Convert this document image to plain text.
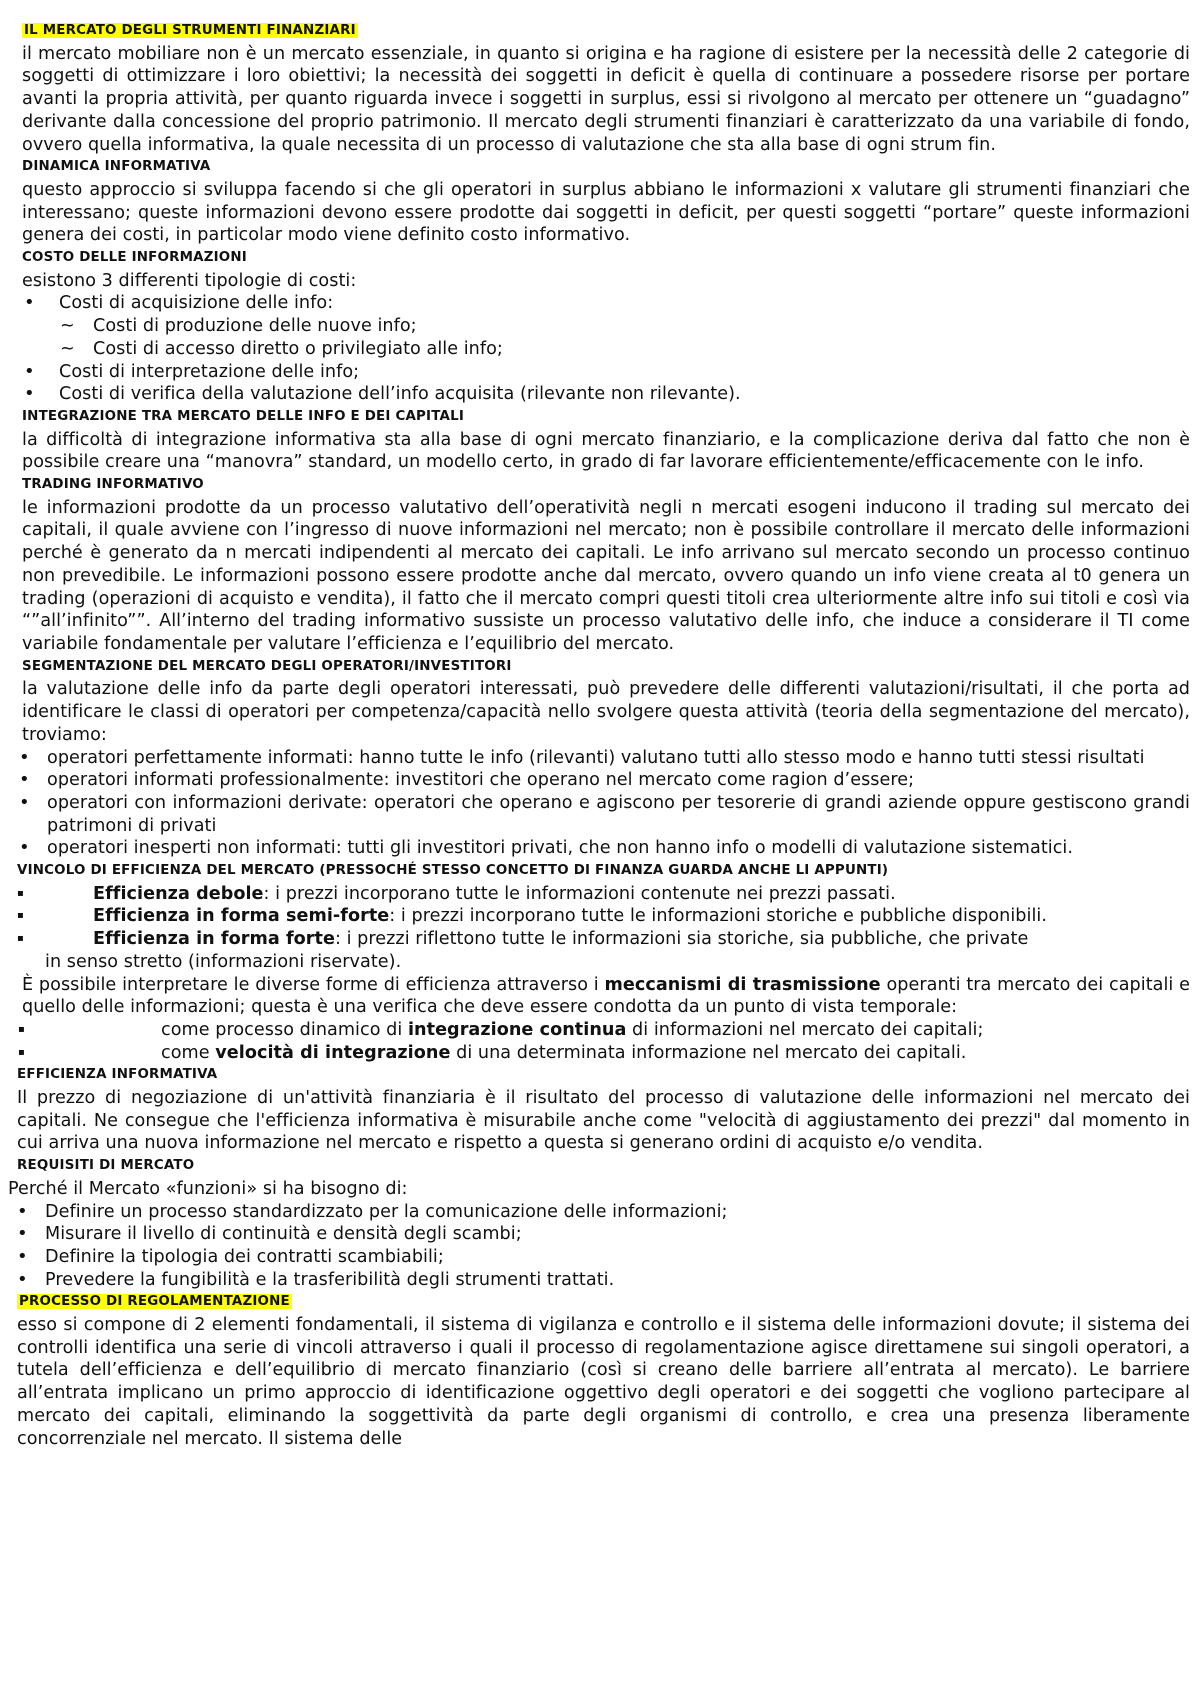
IL MERCATO DEGLI STRUMENTI FINANZIARI
il mercato mobiliare non è un mercato essenziale, in quanto si origina e ha ragione di esistere per la necessità delle 2 categorie di soggetti di ottimizzare i loro obiettivi; la necessità dei soggetti in deficit è quella di continuare a possedere risorse per portare avanti la propria attività, per quanto riguarda invece i soggetti in surplus, essi si rivolgono al mercato per ottenere un “guadagno” derivante dalla concessione del proprio patrimonio. Il mercato degli strumenti finanziari è caratterizzato da una variabile di fondo, ovvero quella informativa, la quale necessita di un processo di valutazione che sta alla base di ogni strum fin.
DINAMICA INFORMATIVA
questo approccio si sviluppa facendo si che gli operatori in surplus abbiano le informazioni x valutare gli strumenti finanziari che interessano; queste informazioni devono essere prodotte dai soggetti in deficit, per questi soggetti “portare” queste informazioni genera dei costi, in particolar modo viene definito costo informativo.
COSTO DELLE INFORMAZIONI
esistono 3 differenti tipologie di costi:
• Costi di acquisizione delle info:
~ Costi di produzione delle nuove info;
~ Costi di accesso diretto o privilegiato alle info;
• Costi di interpretazione delle info;
• Costi di verifica della valutazione dell’info acquisita (rilevante non rilevante).
INTEGRAZIONE TRA MERCATO DELLE INFO E DEI CAPITALI
la difficoltà di integrazione informativa sta alla base di ogni mercato finanziario, e la complicazione deriva dal fatto che non è possibile creare una “manovra” standard, un modello certo, in grado di far lavorare efficientemente/efficacemente con le info.
TRADING INFORMATIVO
le informazioni prodotte da un processo valutativo dell’operatività negli n mercati esogeni inducono il trading sul mercato dei capitali, il quale avviene con l’ingresso di nuove informazioni nel mercato; non è possibile controllare il mercato delle informazioni perché è generato da n mercati indipendenti al mercato dei capitali. Le info arrivano sul mercato secondo un processo continuo non prevedibile. Le informazioni possono essere prodotte anche dal mercato, ovvero quando un info viene creata al t0 genera un trading (operazioni di acquisto e vendita), il fatto che il mercato compri questi titoli crea ulteriormente altre info sui titoli e così via “”all’infinito””. All’interno del trading informativo sussiste un processo valutativo delle info, che induce a considerare il TI come variabile fondamentale per valutare l’efficienza e l’equilibrio del mercato.
SEGMENTAZIONE DEL MERCATO DEGLI OPERATORI/INVESTITORI
la valutazione delle info da parte degli operatori interessati, può prevedere delle differenti valutazioni/risultati, il che porta ad identificare le classi di operatori per competenza/capacità nello svolgere questa attività (teoria della segmentazione del mercato), troviamo:
• operatori perfettamente informati: hanno tutte le info (rilevanti) valutano tutti allo stesso modo e hanno tutti stessi risultati
• operatori informati professionalmente: investitori che operano nel mercato come ragion d’essere;
• operatori con informazioni derivate: operatori che operano e agiscono per tesorerie di grandi aziende oppure gestiscono grandi patrimoni di privati
• operatori inesperti non informati: tutti gli investitori privati, che non hanno info o modelli di valutazione sistematici.
VINCOLO DI EFFICIENZA DEL MERCATO (PRESSOCHÉ STESSO CONCETTO DI FINANZA GUARDA ANCHE LI APPUNTI)
▪ Efficienza debole: i prezzi incorporano tutte le informazioni contenute nei prezzi passati.
▪ Efficienza in forma semi-forte: i prezzi incorporano tutte le informazioni storiche e pubbliche disponibili.
▪ Efficienza in forma forte: i prezzi riflettono tutte le informazioni sia storiche, sia pubbliche, che private
in senso stretto (informazioni riservate).
È possibile interpretare le diverse forme di efficienza attraverso i meccanismi di trasmissione operanti tra mercato dei capitali e quello delle informazioni; questa è una verifica che deve essere condotta da un punto di vista temporale:
▪ come processo dinamico di integrazione continua di informazioni nel mercato dei capitali;
▪ come velocità di integrazione di una determinata informazione nel mercato dei capitali.
EFFICIENZA INFORMATIVA
Il prezzo di negoziazione di un'attività finanziaria è il risultato del processo di valutazione delle informazioni nel mercato dei capitali. Ne consegue che l'efficienza informativa è misurabile anche come "velocità di aggiustamento dei prezzi" dal momento in cui arriva una nuova informazione nel mercato e rispetto a questa si generano ordini di acquisto e/o vendita.
REQUISITI DI MERCATO
Perché il Mercato «funzioni» si ha bisogno di:
• Definire un processo standardizzato per la comunicazione delle informazioni;
• Misurare il livello di continuità e densità degli scambi;
• Definire la tipologia dei contratti scambiabili;
• Prevedere la fungibilità e la trasferibilità degli strumenti trattati.
PROCESSO DI REGOLAMENTAZIONE
esso si compone di 2 elementi fondamentali, il sistema di vigilanza e controllo e il sistema delle informazioni dovute; il sistema dei controlli identifica una serie di vincoli attraverso i quali il processo di regolamentazione agisce direttamene sui singoli operatori, a tutela dell’efficienza e dell’equilibrio di mercato finanziario (così si creano delle barriere all’entrata al mercato). Le barriere all’entrata implicano un primo approccio di identificazione oggettivo degli operatori e dei soggetti che vogliono partecipare al mercato dei capitali, eliminando la soggettività da parte degli organismi di controllo, e crea una presenza liberamente concorrenziale nel mercato. Il sistema delle
